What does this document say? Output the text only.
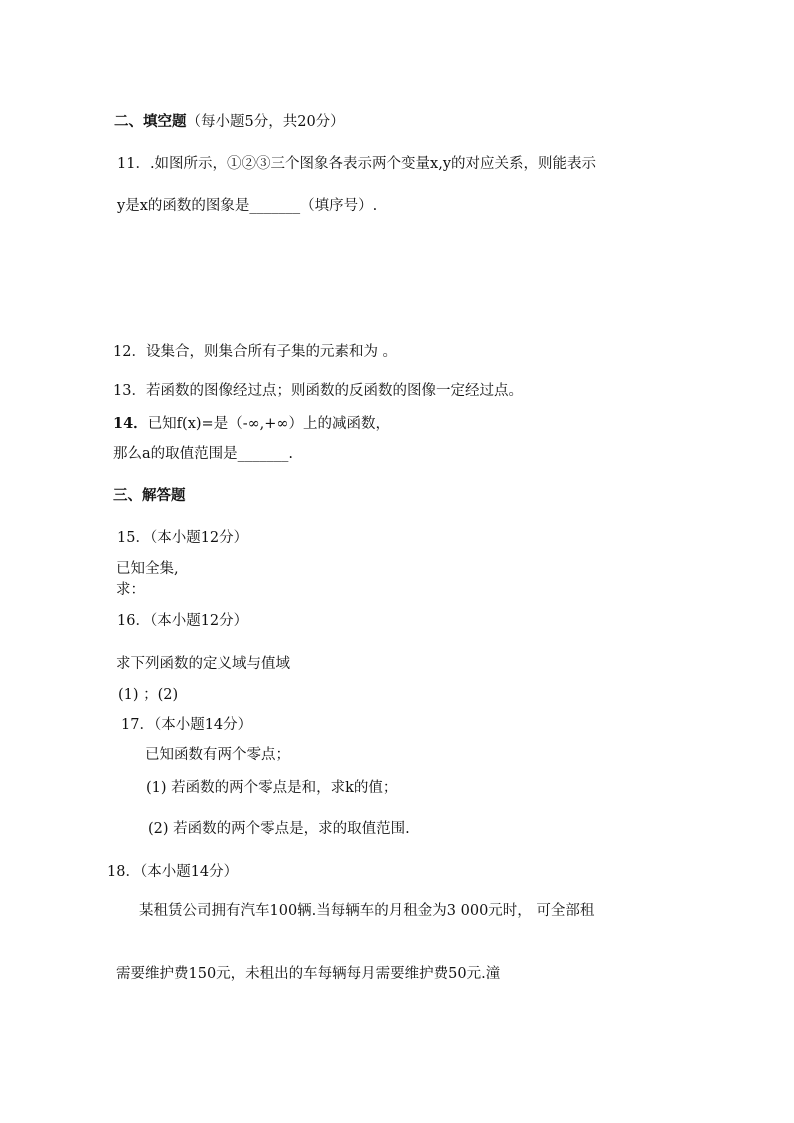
二、填空题（每小题5分，共20分）
11．.如图所示，①②③三个图象各表示两个变量x,y的对应关系，则能表示
y是x的函数的图象是_______（填序号）.
12．设集合，则集合所有子集的元素和为 。
13．若函数的图像经过点；则函数的反函数的图像一定经过点。
14．已知f(x)=是（-∞,+∞）上的减函数，
那么a的取值范围是_______.
三、解答题
15．（本小题12分）
已知全集,
求：
16．（本小题12分）
求下列函数的定义域与值域
(1) ；(2)
17．（本小题14分）
已知函数有两个零点；
(1) 若函数的两个零点是和，求k的值；
(2) 若函数的两个零点是，求的取值范围.
18．（本小题14分）
某租赁公司拥有汽车100辆.当每辆车的月租金为3 000元时， 可全部租
需要维护费150元，未租出的车每辆每月需要维护费50元.潼
